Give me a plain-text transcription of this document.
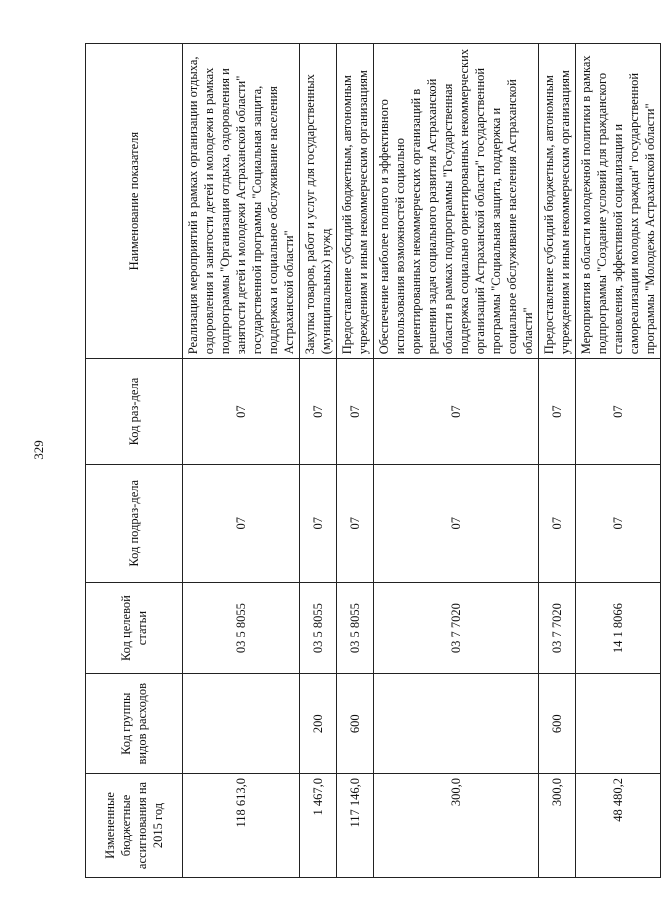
329
Измененные бюджетные ассигнования на 2015 год	Код группы видов расходов	Код целевой статьи	Код подраз-дела	Код раз-дела	Наименование показателя
118 613,0		03 5 8055	07	07	Реализация мероприятий в рамках организации отдыха, оздоровления и занятости детей и молодежи в рамках подпрограммы "Организация отдыха, оздоровления и занятости детей и молодежи Астраханской области" государственной программы "Социальная защита, поддержка и социальное обслуживание населения Астраханской области"
1 467,0	200	03 5 8055	07	07	Закупка товаров, работ и услуг для государственных (муниципальных) нужд
117 146,0	600	03 5 8055	07	07	Предоставление субсидий бюджетным, автономным учреждениям и иным некоммерческим организациям
300,0		03 7 7020	07	07	Обеспечение наиболее полного и эффективного использования возможностей социально ориентированных некоммерческих организаций в решении задач социального развития Астраханской области в рамках подпрограммы "Государственная поддержка социально ориентированных некоммерческих организаций Астраханской области" государственной программы "Социальная защита, поддержка и социальное обслуживание населения Астраханской области"
300,0	600	03 7 7020	07	07	Предоставление субсидий бюджетным, автономным учреждениям и иным некоммерческим организациям
48 480,2		14 1 8066	07	07	Мероприятия в области молодежной политики в рамках подпрограммы "Создание условий для гражданского становления, эффективной социализации и самореализации молодых граждан" государственной программы "Молодежь Астраханской области"
